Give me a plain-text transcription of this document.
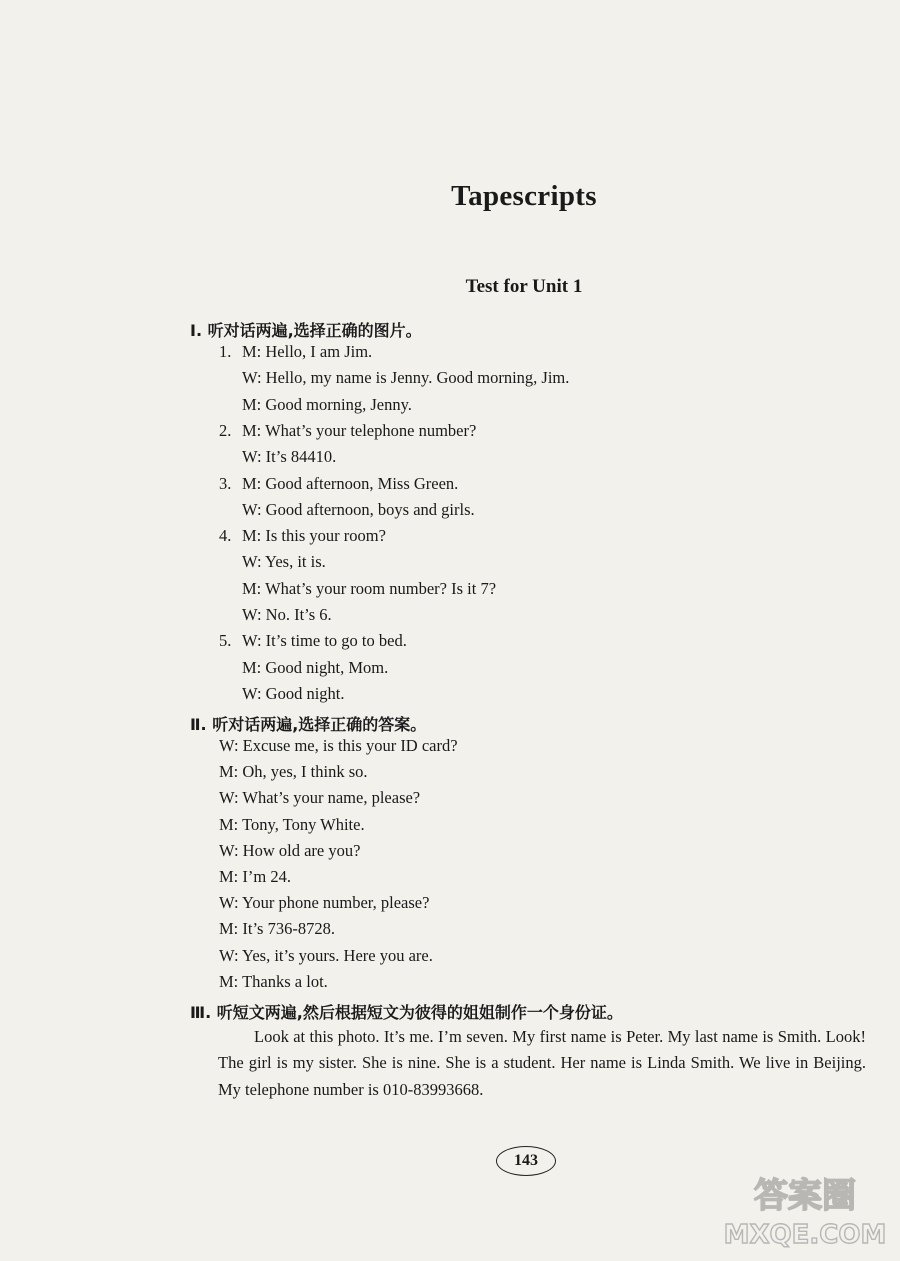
Tapescripts
Test for Unit 1
Ⅰ. 听对话两遍,选择正确的图片。
1. M: Hello, I am Jim.
W: Hello, my name is Jenny. Good morning, Jim.
M: Good morning, Jenny.
2. M: What’s your telephone number?
W: It’s 84410.
3. M: Good afternoon, Miss Green.
W: Good afternoon, boys and girls.
4. M: Is this your room?
W: Yes, it is.
M: What’s your room number? Is it 7?
W: No. It’s 6.
5. W: It’s time to go to bed.
M: Good night, Mom.
W: Good night.
Ⅱ. 听对话两遍,选择正确的答案。
W: Excuse me, is this your ID card?
M: Oh, yes, I think so.
W: What’s your name, please?
M: Tony, Tony White.
W: How old are you?
M: I’m 24.
W: Your phone number, please?
M: It’s 736-8728.
W: Yes, it’s yours. Here you are.
M: Thanks a lot.
Ⅲ. 听短文两遍,然后根据短文为彼得的姐姐制作一个身份证。
Look at this photo. It’s me. I’m seven. My first name is Peter. My last name is Smith. Look! The girl is my sister. She is nine. She is a student. Her name is Linda Smith. We live in Beijing. My telephone number is 010-83993668.
143
答案圈
MXQE.COM
